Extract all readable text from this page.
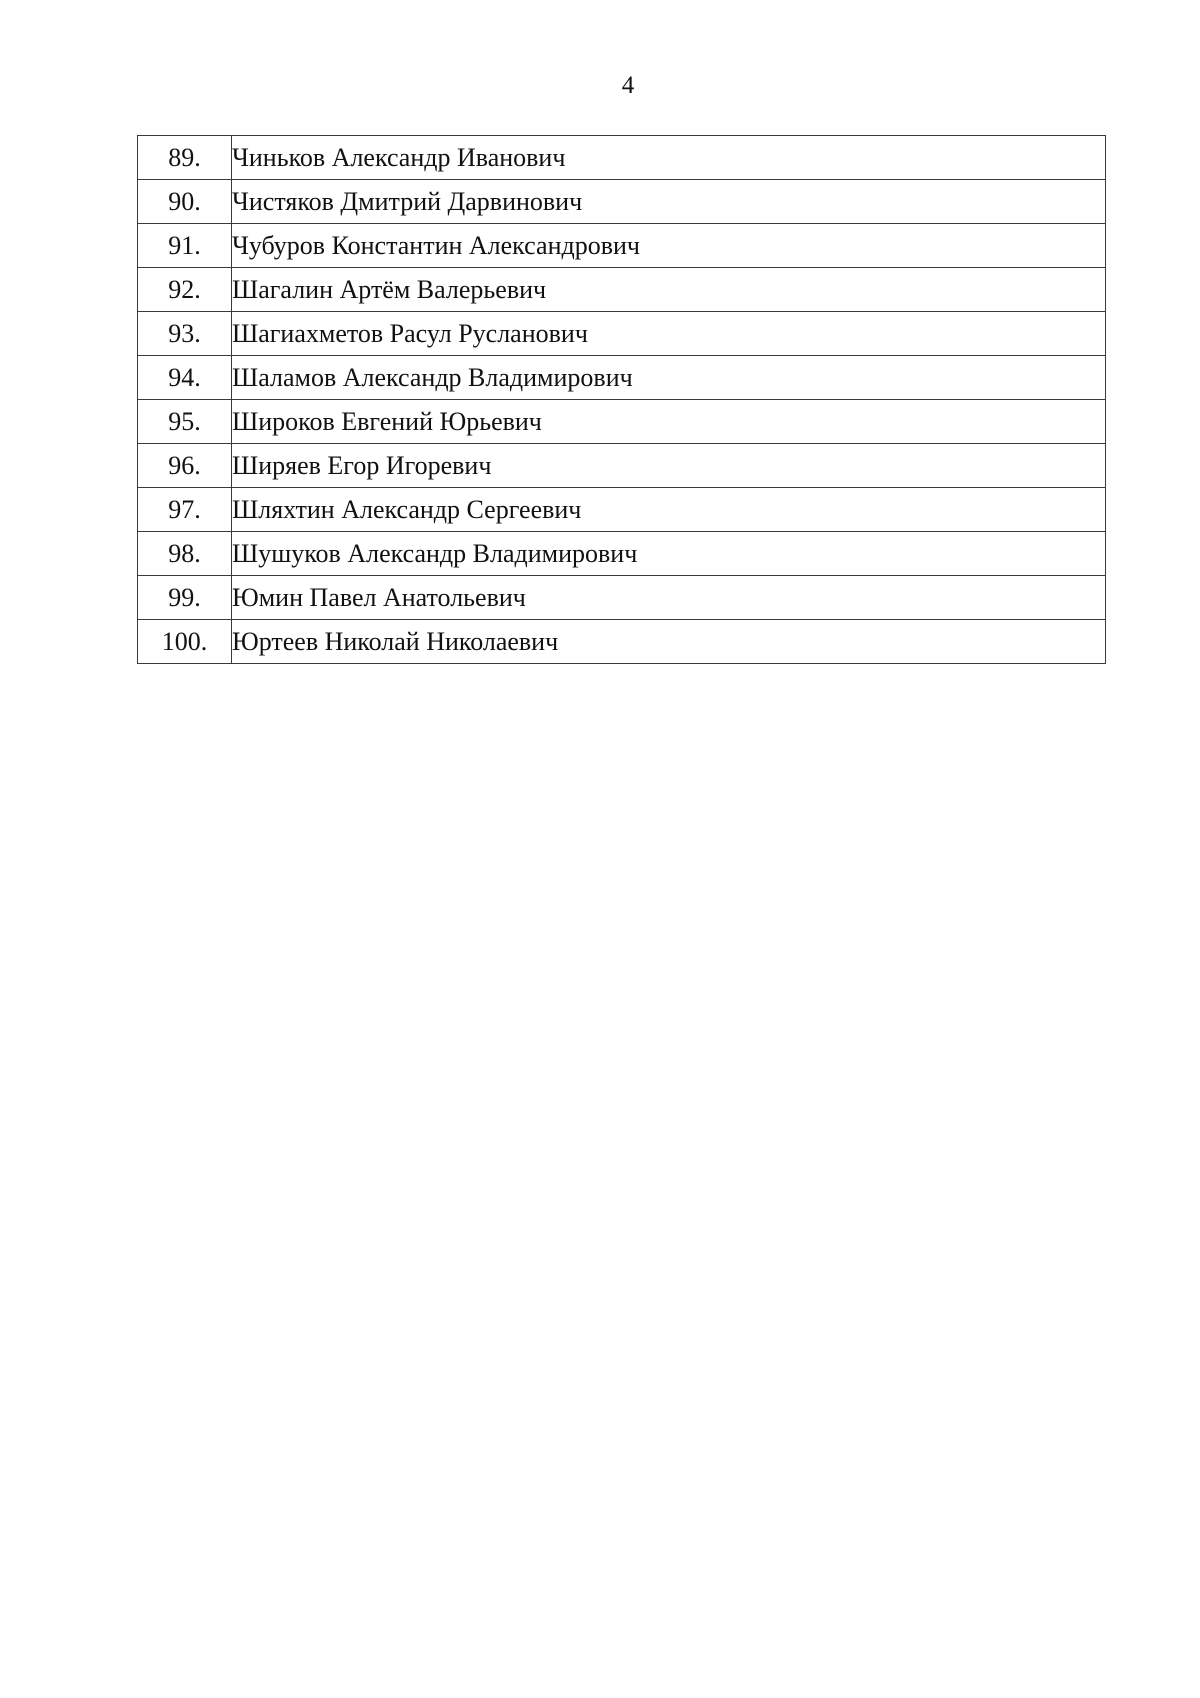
4
89.	Чиньков Александр Иванович
90.	Чистяков Дмитрий Дарвинович
91.	Чубуров Константин Александрович
92.	Шагалин Артём Валерьевич
93.	Шагиахметов Расул Русланович
94.	Шаламов Александр Владимирович
95.	Широков Евгений Юрьевич
96.	Ширяев Егор Игоревич
97.	Шляхтин Александр Сергеевич
98.	Шушуков Александр Владимирович
99.	Юмин Павел Анатольевич
100.	Юртеев Николай Николаевич
